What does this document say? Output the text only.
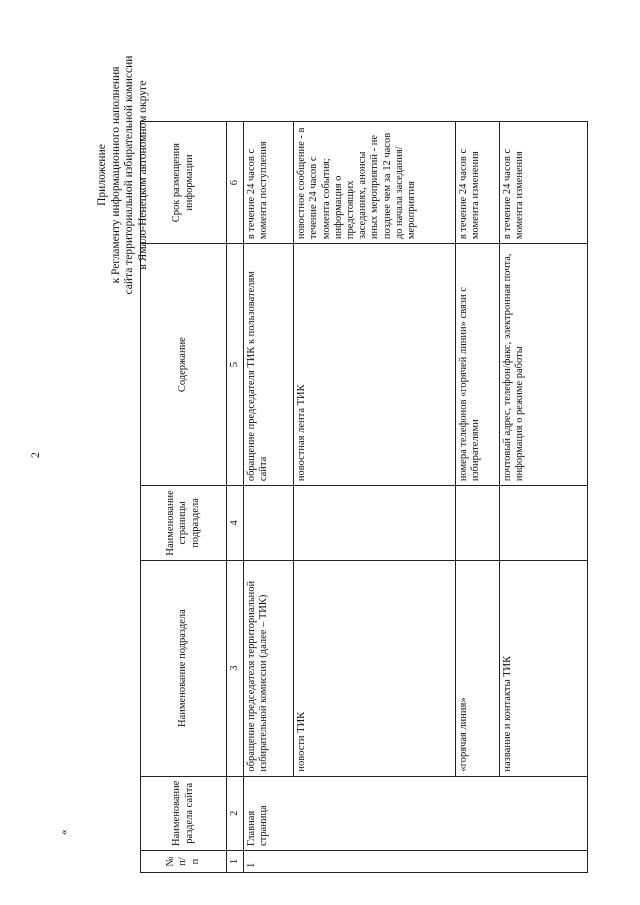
2
Приложение к Регламенту информационного наполнения сайта территориальной избирательной комиссии в Ямало-Ненецком автономном округе
«
№ п/п	Наименование раздела сайта	Наименование подраздела	Наименование страницы подраздела	Содержание	Срок размещения информации
1	2	3	4	5	6
1	Главная страница	обращение председателя территориальной избирательной комиссии (далее – ТИК)		обращение председателя ТИК к пользователям сайта	в течение 24 часов с момента поступления
		новости ТИК		новостная лента ТИК	новостное сообщение - в течение 24 часов с момента события; информация о предстоящих заседаниях, анонсы иных мероприятий - не позднее чем за 12 часов до начала заседания/мероприятия
		«горячая линия»		номера телефонов «горячей линии» связи с избирателями	в течение 24 часов с момента изменения
		название и контакты ТИК		почтовый адрес, телефон/факс, электронная почта, информация о режиме работы	в течение 24 часов с момента изменения
